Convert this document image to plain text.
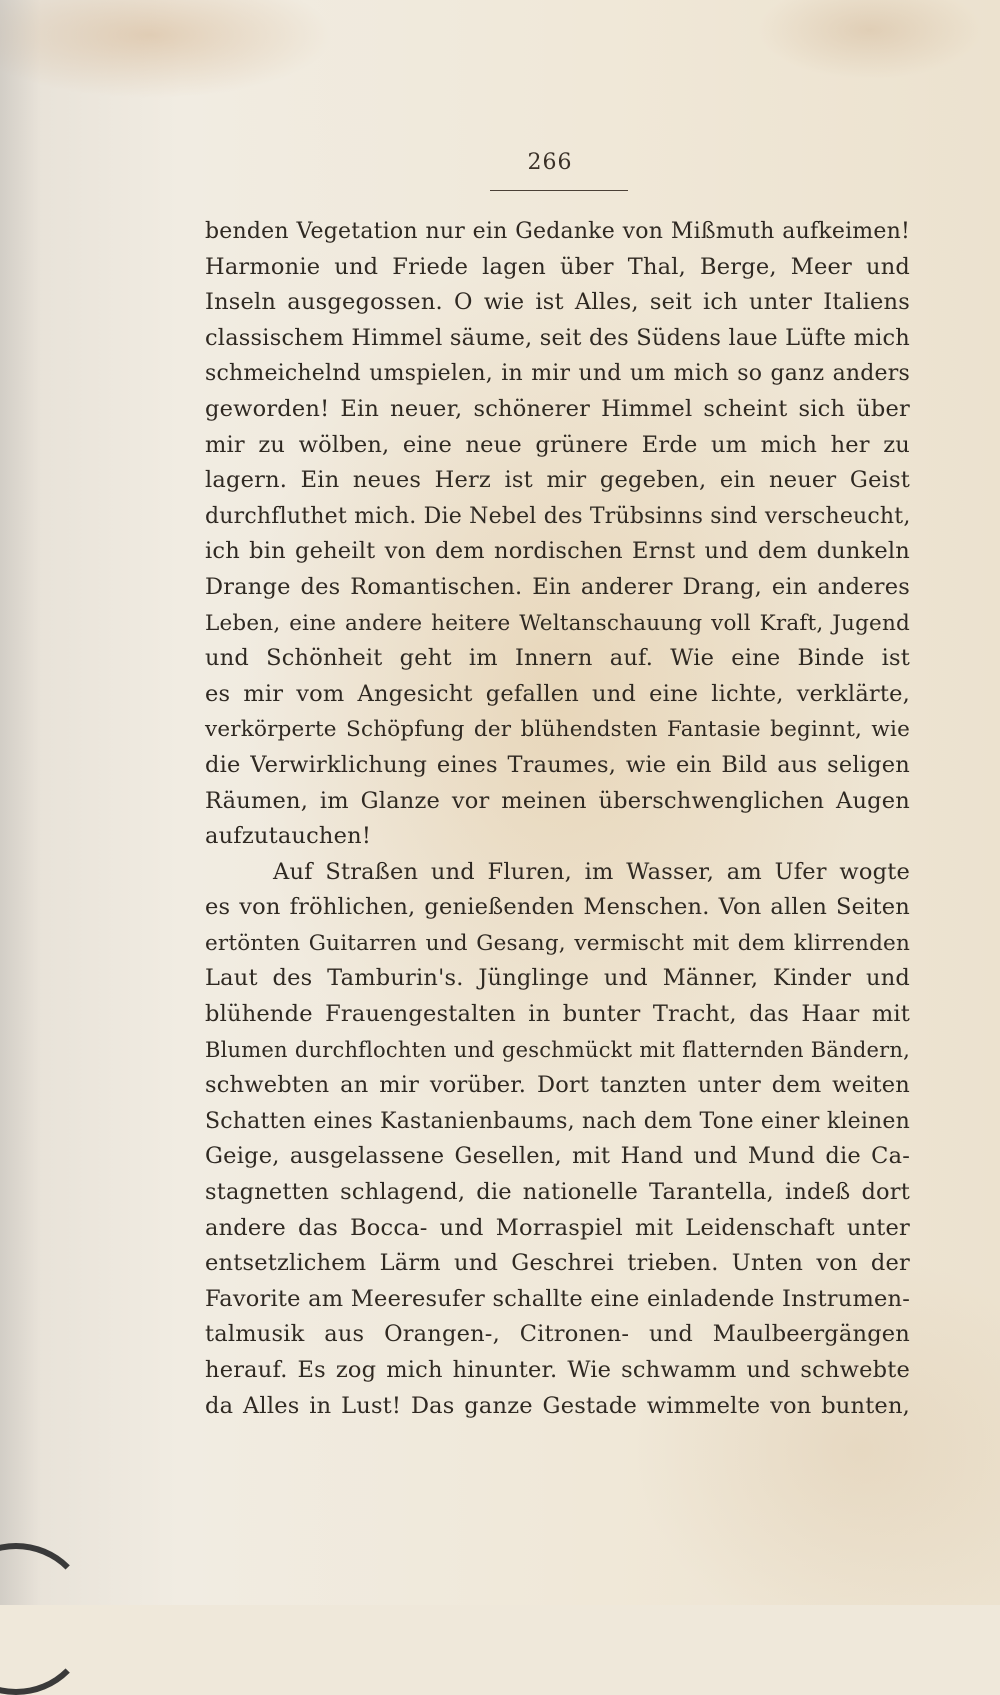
266
benden Vegetation nur ein Gedanke von Mißmuth aufkeimen!
Harmonie und Friede lagen über Thal, Berge, Meer und
Inseln ausgegossen. O wie ist Alles, seit ich unter Italiens
classischem Himmel säume, seit des Südens laue Lüfte mich
schmeichelnd umspielen, in mir und um mich so ganz anders
geworden! Ein neuer, schönerer Himmel scheint sich über
mir zu wölben, eine neue grünere Erde um mich her zu
lagern. Ein neues Herz ist mir gegeben, ein neuer Geist
durchfluthet mich. Die Nebel des Trübsinns sind verscheucht,
ich bin geheilt von dem nordischen Ernst und dem dunkeln
Drange des Romantischen. Ein anderer Drang, ein anderes
Leben, eine andere heitere Weltanschauung voll Kraft, Jugend
und Schönheit geht im Innern auf. Wie eine Binde ist
es mir vom Angesicht gefallen und eine lichte, verklärte,
verkörperte Schöpfung der blühendsten Fantasie beginnt, wie
die Verwirklichung eines Traumes, wie ein Bild aus seligen
Räumen, im Glanze vor meinen überschwenglichen Augen
aufzutauchen!
Auf Straßen und Fluren, im Wasser, am Ufer wogte
es von fröhlichen, genießenden Menschen. Von allen Seiten
ertönten Guitarren und Gesang, vermischt mit dem klirrenden
Laut des Tamburin's. Jünglinge und Männer, Kinder und
blühende Frauengestalten in bunter Tracht, das Haar mit
Blumen durchflochten und geschmückt mit flatternden Bändern,
schwebten an mir vorüber. Dort tanzten unter dem weiten
Schatten eines Kastanienbaums, nach dem Tone einer kleinen
Geige, ausgelassene Gesellen, mit Hand und Mund die Ca-
stagnetten schlagend, die nationelle Tarantella, indeß dort
andere das Bocca- und Morraspiel mit Leidenschaft unter
entsetzlichem Lärm und Geschrei trieben. Unten von der
Favorite am Meeresufer schallte eine einladende Instrumen-
talmusik aus Orangen-, Citronen- und Maulbeergängen
herauf. Es zog mich hinunter. Wie schwamm und schwebte
da Alles in Lust! Das ganze Gestade wimmelte von bunten,
